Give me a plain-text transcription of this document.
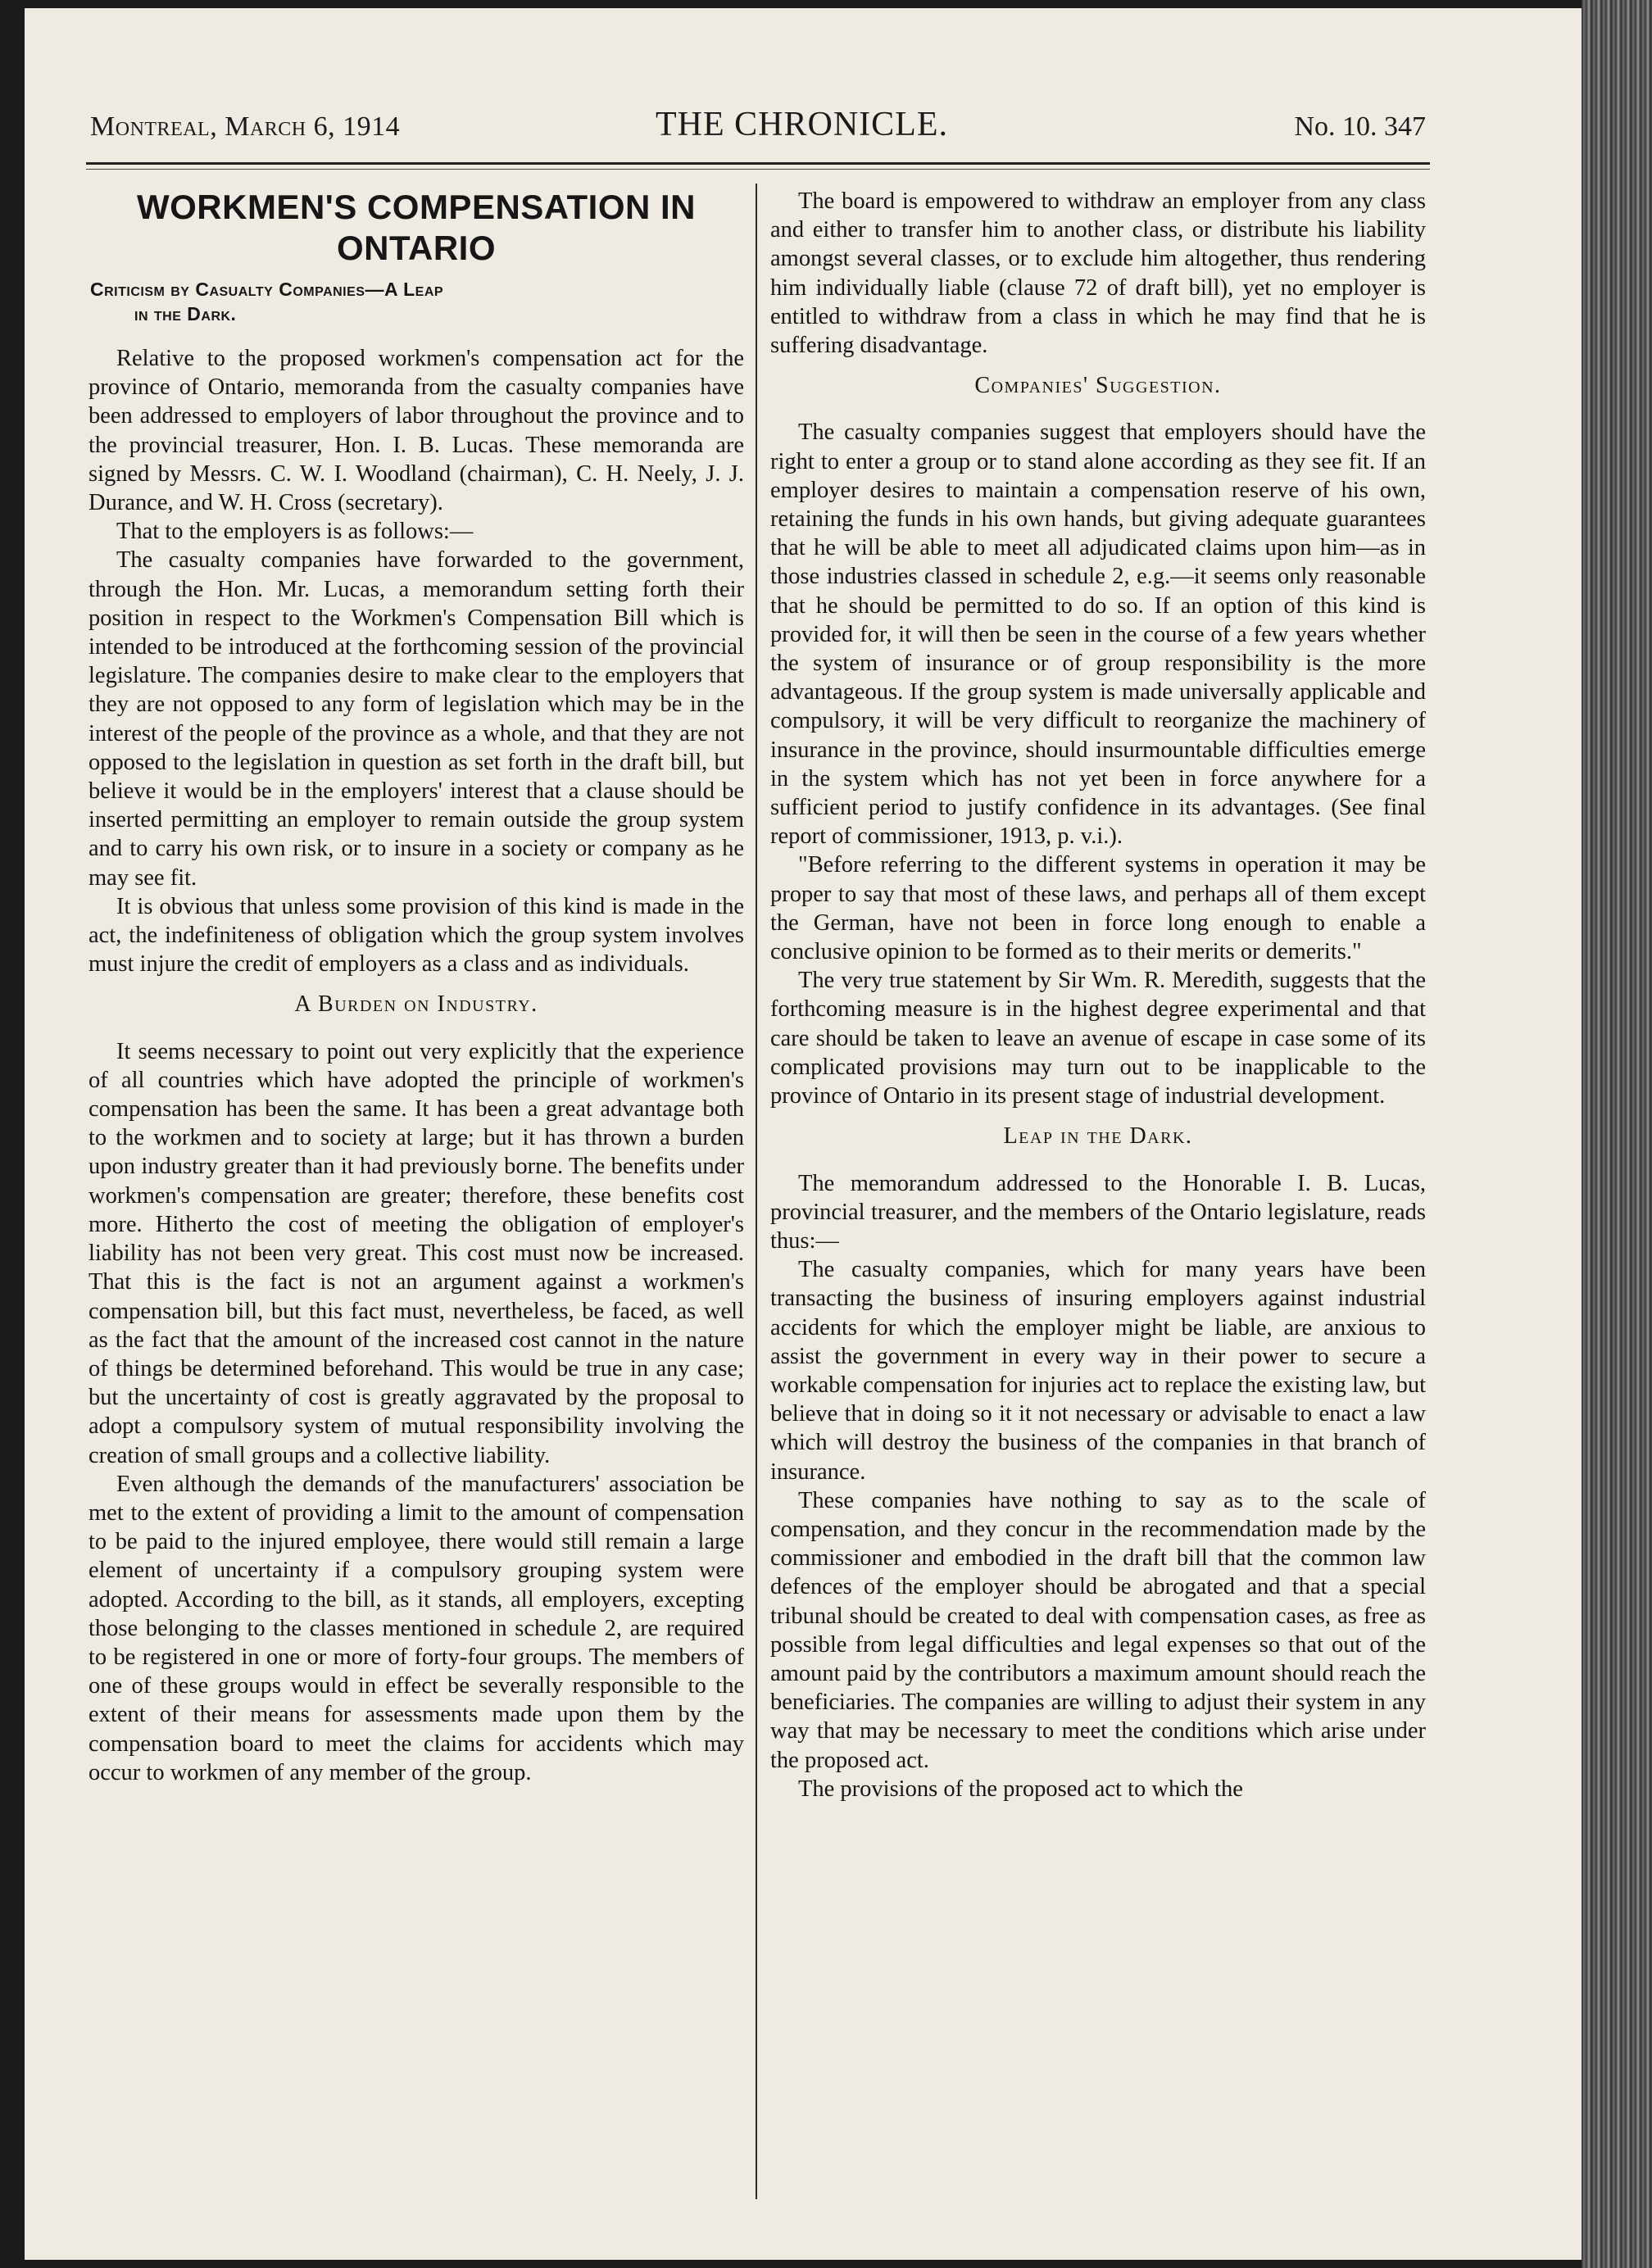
Montreal, March 6, 1914	THE CHRONICLE.	No. 10. 347
WORKMEN'S COMPENSATION IN ONTARIO
Criticism by Casualty Companies—A Leap
in the Dark.

Relative to the proposed workmen's compensation act for the province of Ontario, memoranda from the casualty companies have been addressed to employers of labor throughout the province and to the provincial treasurer, Hon. I. B. Lucas. These memoranda are signed by Messrs. C. W. I. Woodland (chairman), C. H. Neely, J. J. Durance, and W. H. Cross (secretary).

That to the employers is as follows:—

The casualty companies have forwarded to the government, through the Hon. Mr. Lucas, a memorandum setting forth their position in respect to the Workmen's Compensation Bill which is intended to be introduced at the forthcoming session of the provincial legislature. The companies desire to make clear to the employers that they are not opposed to any form of legislation which may be in the interest of the people of the province as a whole, and that they are not opposed to the legislation in question as set forth in the draft bill, but believe it would be in the employers' interest that a clause should be inserted permitting an employer to remain outside the group system and to carry his own risk, or to insure in a society or company as he may see fit.

It is obvious that unless some provision of this kind is made in the act, the indefiniteness of obligation which the group system involves must injure the credit of employers as a class and as individuals.

A Burden on Industry.

It seems necessary to point out very explicitly that the experience of all countries which have adopted the principle of workmen's compensation has been the same. It has been a great advantage both to the workmen and to society at large; but it has thrown a burden upon industry greater than it had previously borne. The benefits under workmen's compensation are greater; therefore, these benefits cost more. Hitherto the cost of meeting the obligation of employer's liability has not been very great. This cost must now be increased. That this is the fact is not an argument against a workmen's compensation bill, but this fact must, nevertheless, be faced, as well as the fact that the amount of the increased cost cannot in the nature of things be determined beforehand. This would be true in any case; but the uncertainty of cost is greatly aggravated by the proposal to adopt a compulsory system of mutual responsibility involving the creation of small groups and a collective liability.

Even although the demands of the manufacturers' association be met to the extent of providing a limit to the amount of compensation to be paid to the injured employee, there would still remain a large element of uncertainty if a compulsory grouping system were adopted. According to the bill, as it stands, all employers, excepting those belonging to the classes mentioned in schedule 2, are required to be registered in one or more of forty-four groups. The members of one of these groups would in effect be severally responsible to the extent of their means for assessments made upon them by the compensation board to meet the claims for accidents which may occur to workmen of any member of the group.

The board is empowered to withdraw an employer from any class and either to transfer him to another class, or distribute his liability amongst several classes, or to exclude him altogether, thus rendering him individually liable (clause 72 of draft bill), yet no employer is entitled to withdraw from a class in which he may find that he is suffering disadvantage.

Companies' Suggestion.

The casualty companies suggest that employers should have the right to enter a group or to stand alone according as they see fit. If an employer desires to maintain a compensation reserve of his own, retaining the funds in his own hands, but giving adequate guarantees that he will be able to meet all adjudicated claims upon him—as in those industries classed in schedule 2, e.g.—it seems only reasonable that he should be permitted to do so. If an option of this kind is provided for, it will then be seen in the course of a few years whether the system of insurance or of group responsibility is the more advantageous. If the group system is made universally applicable and compulsory, it will be very difficult to reorganize the machinery of insurance in the province, should insurmountable difficulties emerge in the system which has not yet been in force anywhere for a sufficient period to justify confidence in its advantages. (See final report of commissioner, 1913, p. v.i.).

"Before referring to the different systems in operation it may be proper to say that most of these laws, and perhaps all of them except the German, have not been in force long enough to enable a conclusive opinion to be formed as to their merits or demerits."

The very true statement by Sir Wm. R. Meredith, suggests that the forthcoming measure is in the highest degree experimental and that care should be taken to leave an avenue of escape in case some of its complicated provisions may turn out to be inapplicable to the province of Ontario in its present stage of industrial development.

Leap in the Dark.

The memorandum addressed to the Honorable I. B. Lucas, provincial treasurer, and the members of the Ontario legislature, reads thus:—

The casualty companies, which for many years have been transacting the business of insuring employers against industrial accidents for which the employer might be liable, are anxious to assist the government in every way in their power to secure a workable compensation for injuries act to replace the existing law, but believe that in doing so it it not necessary or advisable to enact a law which will destroy the business of the companies in that branch of insurance.

These companies have nothing to say as to the scale of compensation, and they concur in the recommendation made by the commissioner and embodied in the draft bill that the common law defences of the employer should be abrogated and that a special tribunal should be created to deal with compensation cases, as free as possible from legal difficulties and legal expenses so that out of the amount paid by the contributors a maximum amount should reach the beneficiaries. The companies are willing to adjust their system in any way that may be necessary to meet the conditions which arise under the proposed act.

The provisions of the proposed act to which the
